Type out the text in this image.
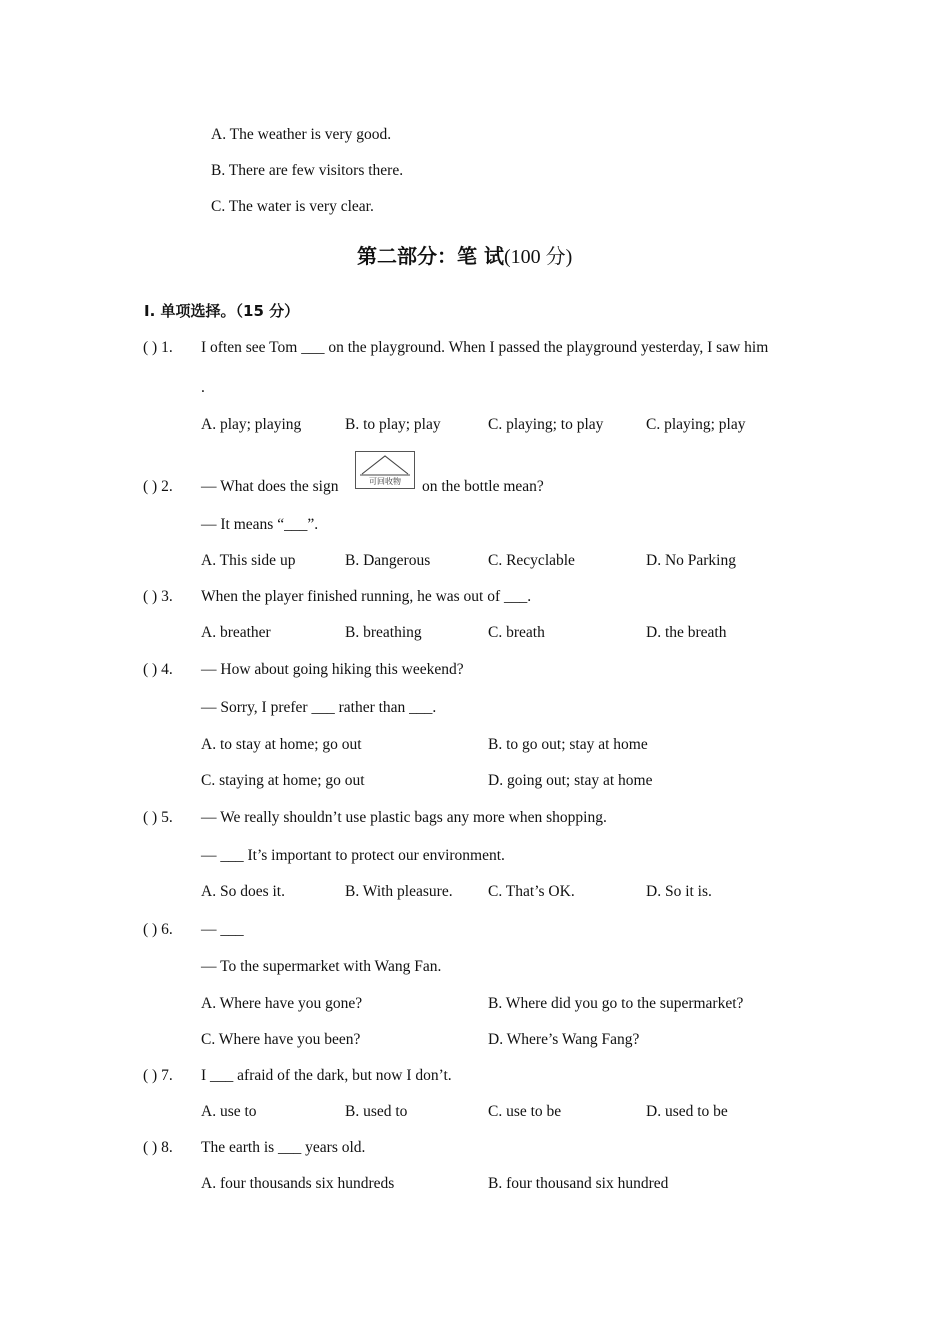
A. The weather is very good.
B. There are few visitors there.
C. The water is very clear.
第二部分：笔 试(100 分)
Ⅰ. 单项选择。（15 分）
( ) 1. I often see Tom ___ on the playground. When I passed the playground yesterday, I saw him
.
A. play; playing	B. to play; play	C. playing; to play	C. playing; play
( ) 2. — What does the sign	可回收物	on the bottle mean?
— It means “___”.
A. This side up	B. Dangerous	C. Recyclable	D. No Parking
( ) 3. When the player finished running, he was out of ___.
A. breather	B. breathing	C. breath	D. the breath
( ) 4. — How about going hiking this weekend?
— Sorry, I prefer ___ rather than ___.
A. to stay at home; go out	B. to go out; stay at home
C. staying at home; go out	D. going out; stay at home
( ) 5. — We really shouldn’t use plastic bags any more when shopping.
— ___ It’s important to protect our environment.
A. So does it.	B. With pleasure. C. That’s OK.	D. So it is.
( ) 6. — ___
— To the supermarket with Wang Fan.
A. Where have you gone?	B. Where did you go to the supermarket?
C. Where have you been?	D. Where’s Wang Fang?
( ) 7. I ___ afraid of the dark, but now I don’t.
A. use to	B. used to	C. use to be	D. used to be
( ) 8. The earth is ___ years old.
A. four thousands six hundreds	B. four thousand six hundred
